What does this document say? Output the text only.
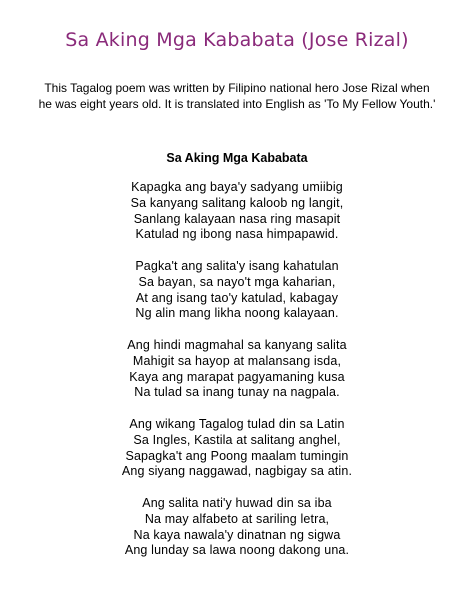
Sa Aking Mga Kababata (Jose Rizal)
This Tagalog poem was written by Filipino national hero Jose Rizal when
he was eight years old. It is translated into English as 'To My Fellow Youth.'
Sa Aking Mga Kababata
Kapagka ang baya'y sadyang umiibig
Sa kanyang salitang kaloob ng langit,
Sanlang kalayaan nasa ring masapit
Katulad ng ibong nasa himpapawid.
Pagka't ang salita'y isang kahatulan
Sa bayan, sa nayo't mga kaharian,
At ang isang tao'y katulad, kabagay
Ng alin mang likha noong kalayaan.
Ang hindi magmahal sa kanyang salita
Mahigit sa hayop at malansang isda,
Kaya ang marapat pagyamaning kusa
Na tulad sa inang tunay na nagpala.
Ang wikang Tagalog tulad din sa Latin
Sa Ingles, Kastila at salitang anghel,
Sapagka't ang Poong maalam tumingin
Ang siyang naggawad, nagbigay sa atin.
Ang salita nati'y huwad din sa iba
Na may alfabeto at sariling letra,
Na kaya nawala'y dinatnan ng sigwa
Ang lunday sa lawa noong dakong una.
